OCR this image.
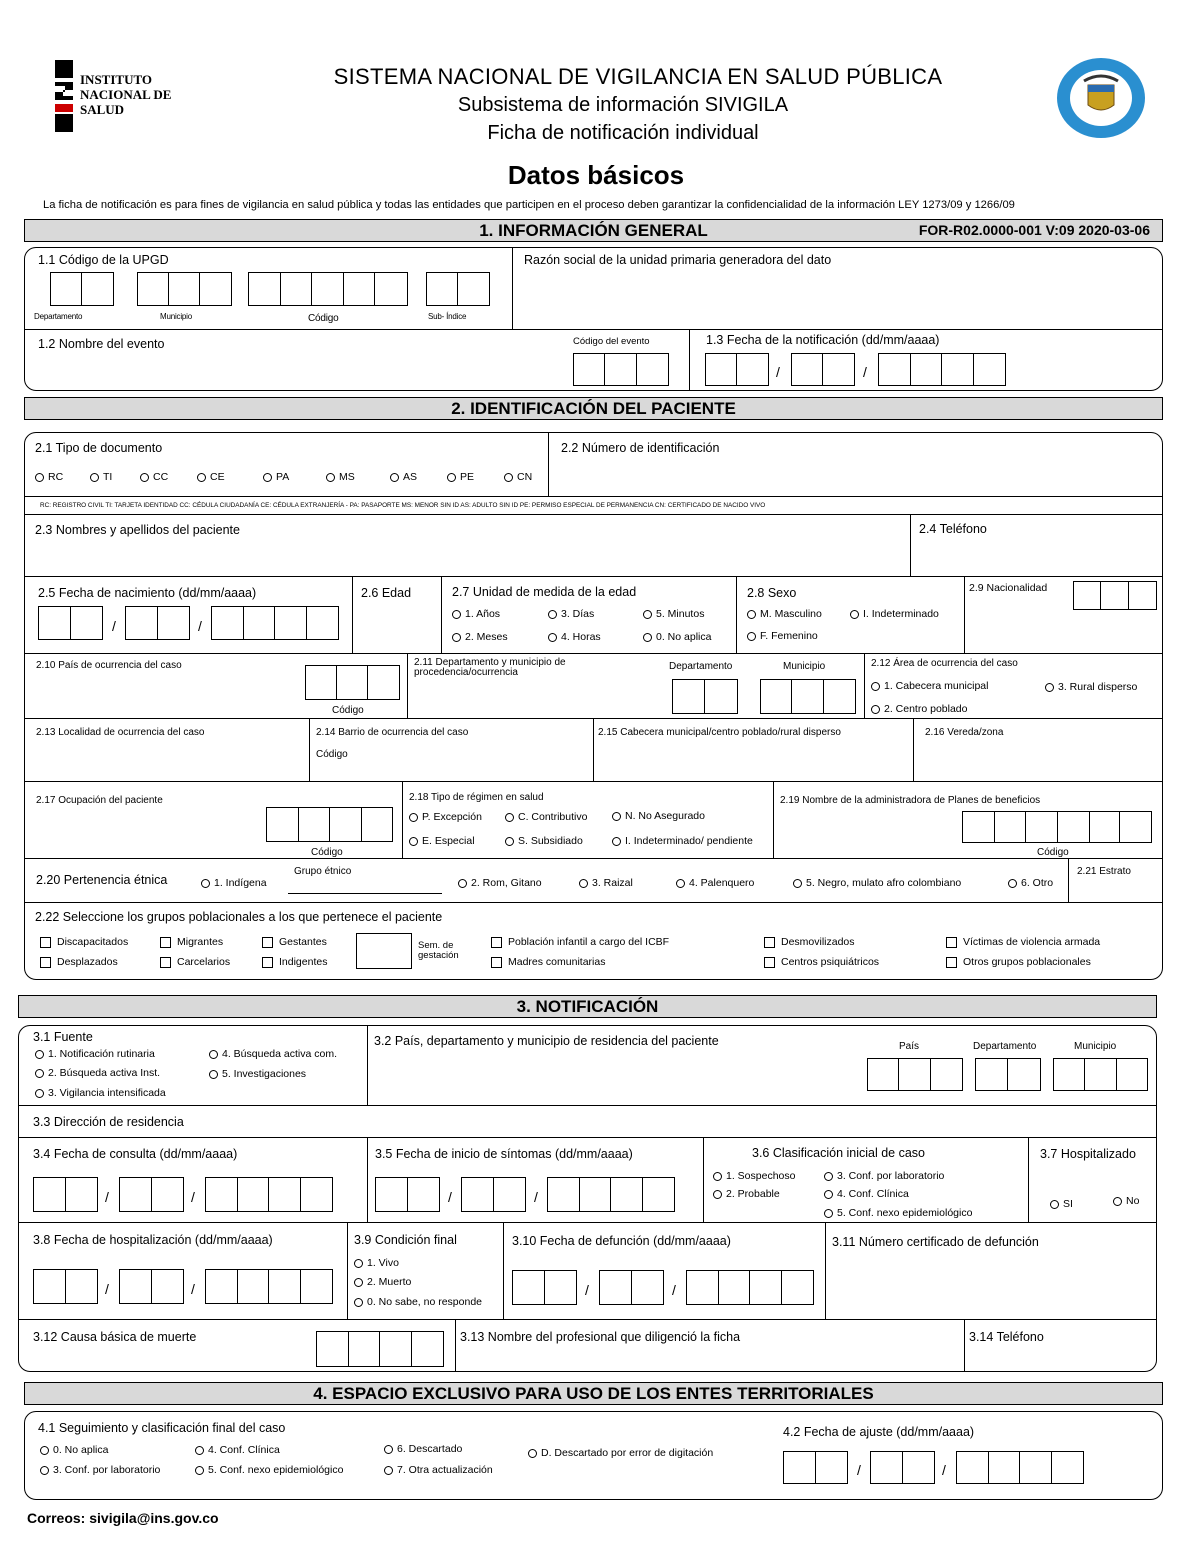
INSTITUTO
NACIONAL DE
SALUD
SISTEMA NACIONAL DE VIGILANCIA EN SALUD PÚBLICA
Subsistema de información SIVIGILA
Ficha de notificación individual
Datos básicos
La ficha de notificación es para fines de vigilancia en salud pública y todas las entidades que participen en el proceso deben garantizar la confidencialidad de la información LEY 1273/09 y 1266/09
1. INFORMACIÓN GENERAL	FOR-R02.0000-001 V:09 2020-03-06
1.1 Código de la UPGD
Departamento	Municipio	Código	Sub- Índice
Razón social de la unidad primaria generadora del dato
1.2 Nombre del evento	Código del evento	1.3 Fecha de la notificación (dd/mm/aaaa)
/	/
2. IDENTIFICACIÓN DEL PACIENTE
2.1 Tipo de documento	2.2 Número de identificación
RC	TI	CC	CE	PA	MS	AS	PE	CN
RC: REGISTRO CIVIL TI: TARJETA IDENTIDAD CC: CÉDULA CIUDADANÍA CE: CÉDULA EXTRANJERÍA - PA: PASAPORTE MS: MENOR SIN ID AS: ADULTO SIN ID PE: PERMISO ESPECIAL DE PERMANENCIA CN: CERTIFICADO DE NACIDO VIVO
2.3 Nombres y apellidos del paciente	2.4 Teléfono
2.5 Fecha de nacimiento (dd/mm/aaaa)
/	/
2.6 Edad	2.7 Unidad de medida de la edad
1. Años	3. Días	5. Minutos
2. Meses	4. Horas	0. No aplica
2.8 Sexo
M. Masculino	I. Indeterminado
F. Femenino
2.9 Nacionalidad
2.10 País de ocurrencia del caso
Código
2.11 Departamento y municipio de procedencia/ocurrencia
Departamento	Municipio	2.12 Área de ocurrencia del caso
1. Cabecera municipal	3. Rural disperso
2. Centro poblado
2.13 Localidad de ocurrencia del caso	2.14 Barrio de ocurrencia del caso
Código
2.15 Cabecera municipal/centro poblado/rural disperso	2.16 Vereda/zona
2.17 Ocupación del paciente
Código
2.18 Tipo de régimen en salud
P. Excepción	C. Contributivo	N. No Asegurado
E. Especial	S. Subsidiado	I. Indeterminado/ pendiente
2.19 Nombre de la administradora de Planes de beneficios
Código
2.20 Pertenencia étnica	1. Indígena
Grupo étnico
2. Rom, Gitano	3. Raizal	4. Palenquero	5. Negro, mulato afro colombiano	6. Otro
2.21 Estrato
2.22 Seleccione los grupos poblacionales a los que pertenece el paciente
Discapacitados	Migrantes	Gestantes
Desplazados	Carcelarios	Indigentes
Sem. de gestación
Población infantil a cargo del ICBF
Madres comunitarias
Desmovilizados
Centros psiquiátricos
Víctimas de violencia armada
Otros grupos poblacionales
3. NOTIFICACIÓN
3.1 Fuente
1. Notificación rutinaria	4. Búsqueda activa com.
2. Búsqueda activa Inst.	5. Investigaciones
3. Vigilancia intensificada
3.2 País, departamento y municipio de residencia del paciente	País	Departamento	Municipio
3.3 Dirección de residencia
3.4 Fecha de consulta (dd/mm/aaaa)
/	/
3.5 Fecha de inicio de síntomas (dd/mm/aaaa)
/	/
3.6 Clasificación inicial de caso
1. Sospechoso	3. Conf. por laboratorio
2. Probable	4. Conf. Clínica
5. Conf. nexo epidemiológico
3.7 Hospitalizado
SI	No
3.8 Fecha de hospitalización (dd/mm/aaaa)
/	/
3.9 Condición final
1. Vivo
2. Muerto
0. No sabe, no responde
3.10 Fecha de defunción (dd/mm/aaaa)
/	/
3.11 Número certificado de defunción
3.12 Causa básica de muerte	3.13 Nombre del profesional que diligenció la ficha	3.14 Teléfono
4. ESPACIO EXCLUSIVO PARA USO DE LOS ENTES TERRITORIALES
4.1 Seguimiento y clasificación final del caso
0. No aplica	4. Conf. Clínica	6. Descartado	D. Descartado por error de digitación
3. Conf. por laboratorio	5. Conf. nexo epidemiológico	7. Otra actualización
4.2 Fecha de ajuste (dd/mm/aaaa)
/	/
Correos: sivigila@ins.gov.co
